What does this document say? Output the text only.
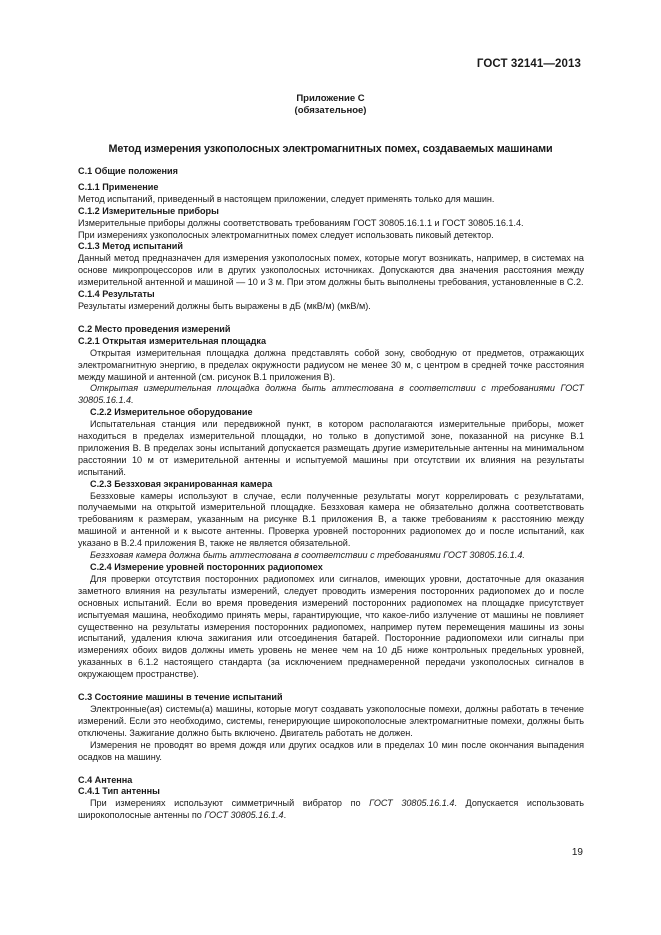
ГОСТ 32141—2013
Приложение С
(обязательное)
Метод измерения узкополосных электромагнитных помех, создаваемых машинами

С.1 Общие положения

С.1.1 Применение

Метод испытаний, приведенный в настоящем приложении, следует применять только для машин.

С.1.2 Измерительные приборы

Измерительные приборы должны соответствовать требованиям ГОСТ 30805.16.1.1 и ГОСТ 30805.16.1.4.

При измерениях узкополосных электромагнитных помех следует использовать пиковый детектор.

С.1.3 Метод испытаний

Данный метод предназначен для измерения узкополосных помех, которые могут возникать, например, в системах на основе микропроцессоров или в других узкополосных источниках. Допускаются два значения расстояния между измерительной антенной и машиной — 10 и 3 м. При этом должны быть выполнены требования, установленные в С.2.

С.1.4 Результаты

Результаты измерений должны быть выражены в дБ (мкВ/м) (мкВ/м).

С.2 Место проведения измерений

С.2.1 Открытая измерительная площадка

Открытая измерительная площадка должна представлять собой зону, свободную от предметов, отражающих электромагнитную энергию, в пределах окружности радиусом не менее 30 м, с центром в средней точке расстояния между машиной и антенной (см. рисунок В.1 приложения В).

Открытая измерительная площадка должна быть аттестована в соответствии с требованиями ГОСТ 30805.16.1.4.

С.2.2 Измерительное оборудование

Испытательная станция или передвижной пункт, в котором располагаются измерительные приборы, может находиться в пределах измерительной площадки, но только в допустимой зоне, показанной на рисунке В.1 приложения В. В пределах зоны испытаний допускается размещать другие измерительные антенны на минимальном расстоянии 10 м от измерительной антенны и испытуемой машины при отсутствии их влияния на результаты испытаний.

С.2.3 Беззховая экранированная камера

Беззховые камеры используют в случае, если полученные результаты могут коррелировать с результатами, получаемыми на открытой измерительной площадке. Беззховая камера не обязательно должна соответствовать требованиям к размерам, указанным на рисунке В.1 приложения В, а также требованиям к расстоянию между машиной и антенной и к высоте антенны. Проверка уровней посторонних радиопомех до и после испытаний, как указано в В.2.4 приложения В, также не является обязательной.

Беззховая камера должна быть аттестована в соответствии с требованиями ГОСТ 30805.16.1.4.

С.2.4 Измерение уровней посторонних радиопомех

Для проверки отсутствия посторонних радиопомех или сигналов, имеющих уровни, достаточные для оказания заметного влияния на результаты измерений, следует проводить измерения посторонних радиопомех до и после основных испытаний. Если во время проведения измерений посторонних радиопомех на площадке присутствует испытуемая машина, необходимо принять меры, гарантирующие, что какое-либо излучение от машины не повлияет существенно на результаты измерения посторонних радиопомех, например путем перемещения машины из зоны испытаний, удаления ключа зажигания или отсоединения батарей. Посторонние радиопомехи или сигналы при измерениях обоих видов должны иметь уровень не менее чем на 10 дБ ниже контрольных предельных уровней, указанных в 6.1.2 настоящего стандарта (за исключением преднамеренной передачи узкополосных сигналов в окружающем пространстве).

С.3 Состояние машины в течение испытаний

Электронные(ая) системы(а) машины, которые могут создавать узкополосные помехи, должны работать в течение измерений. Если это необходимо, системы, генерирующие широкополосные электромагнитные помехи, должны быть отключены. Зажигание должно быть включено. Двигатель работать не должен.

Измерения не проводят во время дождя или других осадков или в пределах 10 мин после окончания выпадения осадков на машину.

С.4 Антенна

С.4.1 Тип антенны

При измерениях используют симметричный вибратор по ГОСТ 30805.16.1.4. Допускается использовать широкополосные антенны по ГОСТ 30805.16.1.4.

19
